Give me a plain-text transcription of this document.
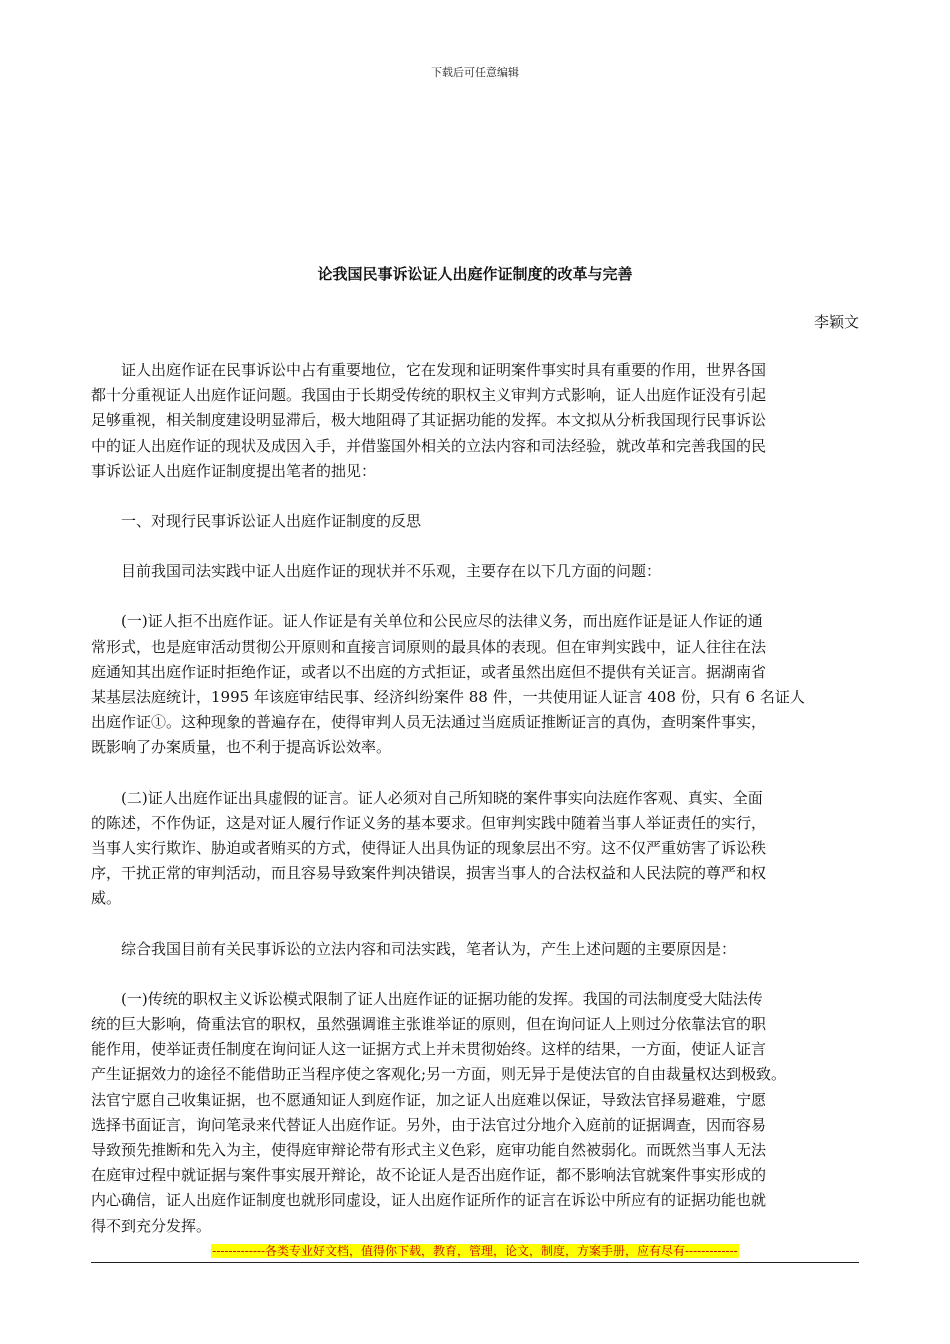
下载后可任意编辑
论我国民事诉讼证人出庭作证制度的改革与完善
李颖文

证人出庭作证在民事诉讼中占有重要地位，它在发现和证明案件事实时具有重要的作用，世界各国
都十分重视证人出庭作证问题。我国由于长期受传统的职权主义审判方式影响，证人出庭作证没有引起
足够重视，相关制度建设明显滞后，极大地阻碍了其证据功能的发挥。本文拟从分析我国现行民事诉讼
中的证人出庭作证的现状及成因入手，并借鉴国外相关的立法内容和司法经验，就改革和完善我国的民
事诉讼证人出庭作证制度提出笔者的拙见：

一、对现行民事诉讼证人出庭作证制度的反思

目前我国司法实践中证人出庭作证的现状并不乐观，主要存在以下几方面的问题：

(一)证人拒不出庭作证。证人作证是有关单位和公民应尽的法律义务，而出庭作证是证人作证的通
常形式，也是庭审活动贯彻公开原则和直接言词原则的最具体的表现。但在审判实践中，证人往往在法
庭通知其出庭作证时拒绝作证，或者以不出庭的方式拒证，或者虽然出庭但不提供有关证言。据湖南省
某基层法庭统计，1995 年该庭审结民事、经济纠纷案件 88 件，一共使用证人证言 408 份，只有 6 名证人
出庭作证①。这种现象的普遍存在，使得审判人员无法通过当庭质证推断证言的真伪，查明案件事实，
既影响了办案质量，也不利于提高诉讼效率。

(二)证人出庭作证出具虚假的证言。证人必须对自己所知晓的案件事实向法庭作客观、真实、全面
的陈述，不作伪证，这是对证人履行作证义务的基本要求。但审判实践中随着当事人举证责任的实行，
当事人实行欺诈、胁迫或者贿买的方式，使得证人出具伪证的现象层出不穷。这不仅严重妨害了诉讼秩
序，干扰正常的审判活动，而且容易导致案件判决错误，损害当事人的合法权益和人民法院的尊严和权
威。

综合我国目前有关民事诉讼的立法内容和司法实践，笔者认为，产生上述问题的主要原因是：

(一)传统的职权主义诉讼模式限制了证人出庭作证的证据功能的发挥。我国的司法制度受大陆法传
统的巨大影响，倚重法官的职权，虽然强调谁主张谁举证的原则，但在询问证人上则过分依靠法官的职
能作用，使举证责任制度在询问证人这一证据方式上并未贯彻始终。这样的结果，一方面，使证人证言
产生证据效力的途径不能借助正当程序使之客观化;另一方面，则无异于是使法官的自由裁量权达到极致。
法官宁愿自己收集证据，也不愿通知证人到庭作证，加之证人出庭难以保证，导致法官择易避难，宁愿
选择书面证言，询问笔录来代替证人出庭作证。另外，由于法官过分地介入庭前的证据调查，因而容易
导致预先推断和先入为主，使得庭审辩论带有形式主义色彩，庭审功能自然被弱化。而既然当事人无法
在庭审过程中就证据与案件事实展开辩论，故不论证人是否出庭作证，都不影响法官就案件事实形成的
内心确信，证人出庭作证制度也就形同虚设，证人出庭作证所作的证言在诉讼中所应有的证据功能也就
得不到充分发挥。

-------------各类专业好文档，值得你下载，教育，管理，论文，制度，方案手册，应有尽有-------------
